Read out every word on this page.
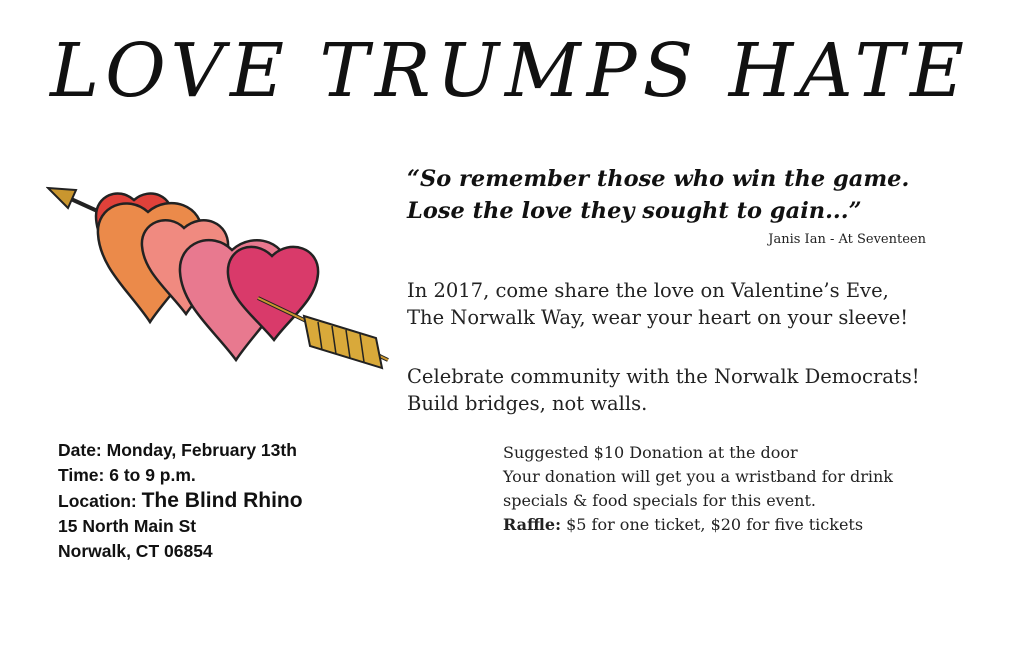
LOVE TRUMPS HATE
“So remember those who win the game.
Lose the love they sought to gain...”
Janis Ian - At Seventeen
In 2017, come share the love on Valentine’s Eve,
The Norwalk Way, wear your heart on your sleeve!
Celebrate community with the Norwalk Democrats!
Build bridges, not walls.
Date: Monday, February 13th
Time: 6 to 9 p.m.
Location: The Blind Rhino
15 North Main St
Norwalk, CT 06854
Suggested $10 Donation at the door
Your donation will get you a wristband for drink
specials & food specials for this event.
Raffle: $5 for one ticket, $20 for five tickets
